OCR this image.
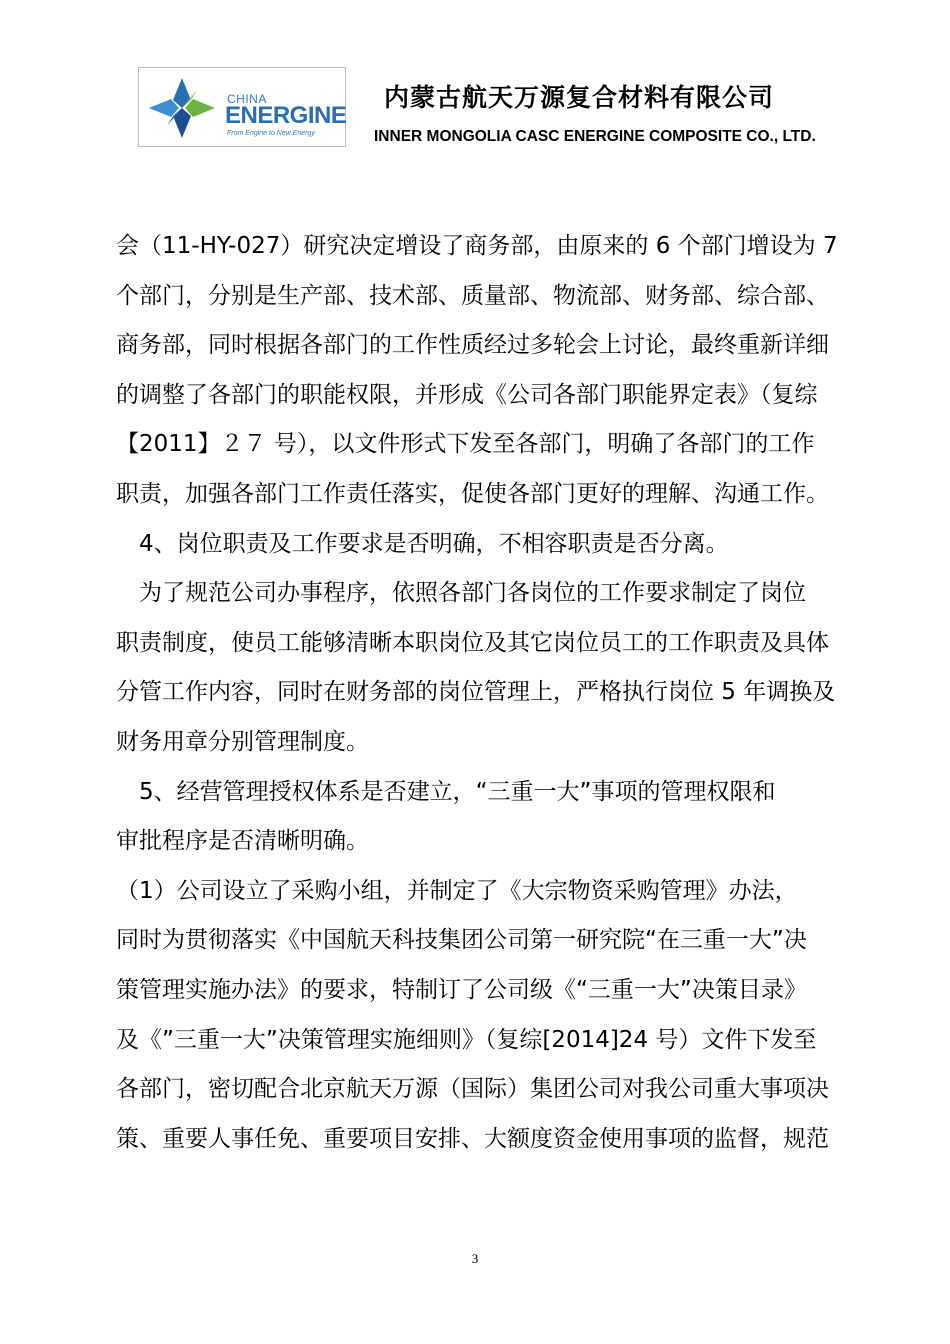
CHINA
ENERGINE
From Engine to New Energy
内蒙古航天万源复合材料有限公司
INNER MONGOLIA CASC ENERGINE COMPOSITE CO., LTD.
会（11-HY-027）研究决定增设了商务部，由原来的 6 个部门增设为 7
个部门，分别是生产部、技术部、质量部、物流部、财务部、综合部、
商务部，同时根据各部门的工作性质经过多轮会上讨论，最终重新详细
的调整了各部门的职能权限，并形成《公司各部门职能界定表》（复综
【2011】２７ 号），以文件形式下发至各部门，明确了各部门的工作
职责，加强各部门工作责任落实，促使各部门更好的理解、沟通工作。
　4、岗位职责及工作要求是否明确，不相容职责是否分离。
　为了规范公司办事程序，依照各部门各岗位的工作要求制定了岗位
职责制度，使员工能够清晰本职岗位及其它岗位员工的工作职责及具体
分管工作内容，同时在财务部的岗位管理上，严格执行岗位 5 年调换及
财务用章分别管理制度。
　5、经营管理授权体系是否建立，“三重一大”事项的管理权限和
审批程序是否清晰明确。
（1）公司设立了采购小组，并制定了《大宗物资采购管理》办法，
同时为贯彻落实《中国航天科技集团公司第一研究院“在三重一大”决
策管理实施办法》的要求，特制订了公司级《“三重一大”决策目录》
及《”三重一大”决策管理实施细则》（复综[2014]24 号）文件下发至
各部门，密切配合北京航天万源（国际）集团公司对我公司重大事项决
策、重要人事任免、重要项目安排、大额度资金使用事项的监督，规范
3
